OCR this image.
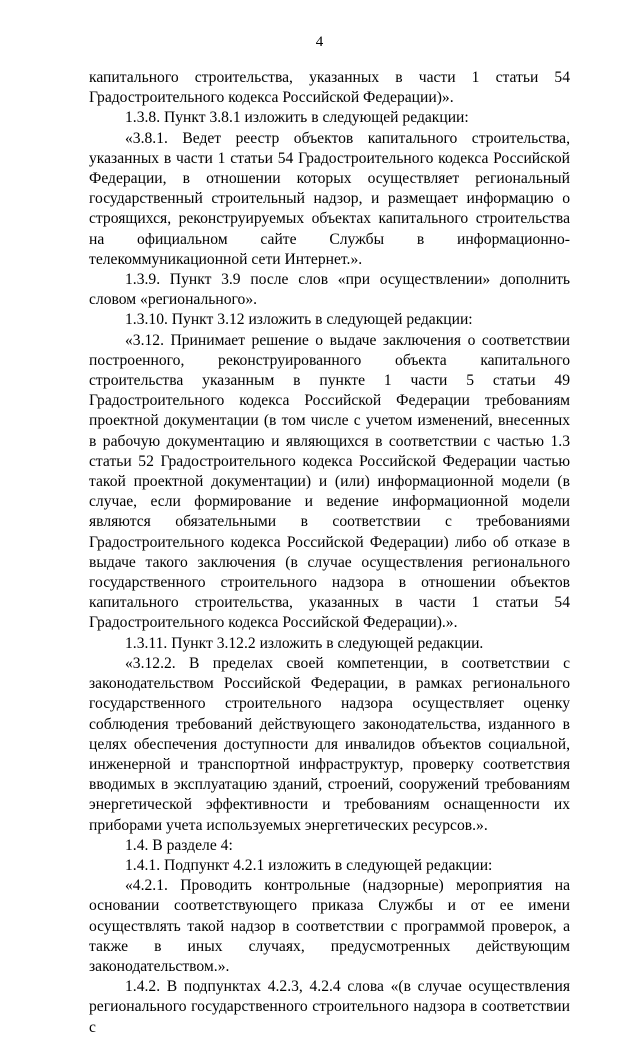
4

капитального строительства, указанных в части 1 статьи 54 Градостроительного кодекса Российской Федерации)».

1.3.8. Пункт 3.8.1 изложить в следующей редакции:

«3.8.1. Ведет реестр объектов капитального строительства, указанных в части 1 статьи 54 Градостроительного кодекса Российской Федерации, в отношении которых осуществляет региональный государственный строительный надзор, и размещает информацию о строящихся, реконструируемых объектах капитального строительства на официальном сайте Службы в информационно-телекоммуникационной сети Интернет.».

1.3.9. Пункт 3.9 после слов «при осуществлении» дополнить словом «регионального».

1.3.10. Пункт 3.12 изложить в следующей редакции:

«3.12. Принимает решение о выдаче заключения о соответствии построенного, реконструированного объекта капитального строительства указанным в пункте 1 части 5 статьи 49 Градостроительного кодекса Российской Федерации требованиям проектной документации (в том числе с учетом изменений, внесенных в рабочую документацию и являющихся в соответствии с частью 1.3 статьи 52 Градостроительного кодекса Российской Федерации частью такой проектной документации) и (или) информационной модели (в случае, если формирование и ведение информационной модели являются обязательными в соответствии с требованиями Градостроительного кодекса Российской Федерации) либо об отказе в выдаче такого заключения (в случае осуществления регионального государственного строительного надзора в отношении объектов капитального строительства, указанных в части 1 статьи 54 Градостроительного кодекса Российской Федерации).».

1.3.11. Пункт 3.12.2 изложить в следующей редакции.

«3.12.2. В пределах своей компетенции, в соответствии с законодательством Российской Федерации, в рамках регионального государственного строительного надзора осуществляет оценку соблюдения требований действующего законодательства, изданного в целях обеспечения доступности для инвалидов объектов социальной, инженерной и транспортной инфраструктур, проверку соответствия вводимых в эксплуатацию зданий, строений, сооружений требованиям энергетической эффективности и требованиям оснащенности их приборами учета используемых энергетических ресурсов.».

1.4. В разделе 4:

1.4.1. Подпункт 4.2.1 изложить в следующей редакции:

«4.2.1. Проводить контрольные (надзорные) мероприятия на основании соответствующего приказа Службы и от ее имени осуществлять такой надзор в соответствии с программой проверок, а также в иных случаях, предусмотренных действующим законодательством.».

1.4.2. В подпунктах 4.2.3, 4.2.4 слова «(в случае осуществления регионального государственного строительного надзора в соответствии с
